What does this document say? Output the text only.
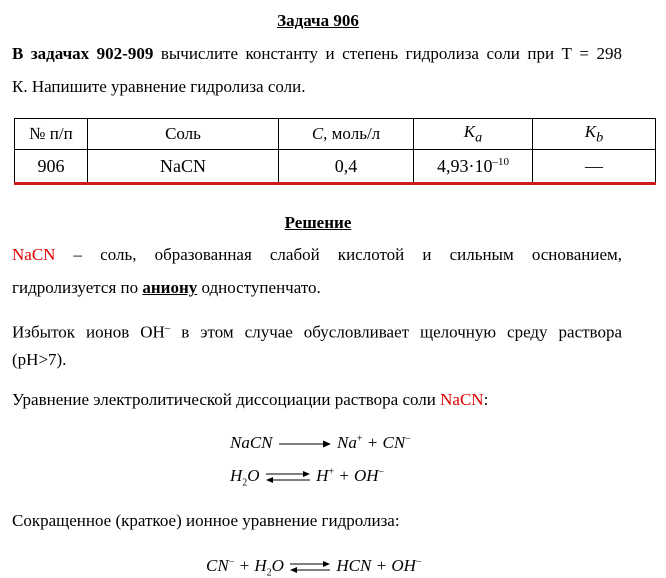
Задача 906
В задачах 902-909 вычислите константу и степень гидролиза соли при Т = 298
К. Напишите уравнение гидролиза соли.
№ п/п	Соль	C, моль/л	$K_a$	$K_b$
906	NaCN	0,4	$4,93\cdot 10^{-10}$	—
Решение
NaCN – соль, образованная слабой кислотой и сильным основанием,
гидролизуется по аниону одноступенчато.
Избыток ионов OH– в этом случае обусловливает щелочную среду раствора
(pH>7).
Уравнение электролитической диссоциации раствора соли NaCN:
NaCN	Na+ + CN−
$H_2O$ ⇌ H+ + OH−
Сокращенное (краткое) ионное уравнение гидролиза:
$CN^- + H_2O$ ⇌ HCN + OH−
